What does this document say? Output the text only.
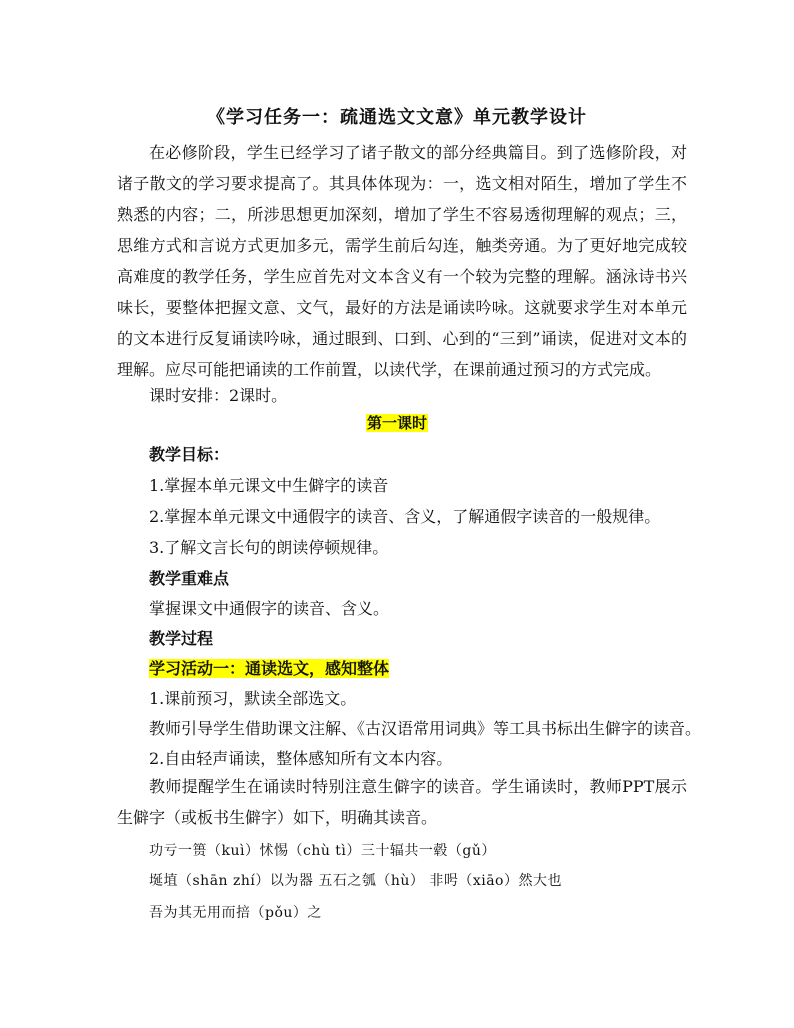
《学习任务一：疏通选文文意》单元教学设计
在必修阶段，学生已经学习了诸子散文的部分经典篇目。到了选修阶段，对诸子散文的学习要求提高了。其具体体现为：一，选文相对陌生，增加了学生不熟悉的内容；二，所涉思想更加深刻，增加了学生不容易透彻理解的观点；三，思维方式和言说方式更加多元，需学生前后勾连，触类旁通。为了更好地完成较高难度的教学任务，学生应首先对文本含义有一个较为完整的理解。涵泳诗书兴味长，要整体把握文意、文气，最好的方法是诵读吟咏。这就要求学生对本单元的文本进行反复诵读吟咏，通过眼到、口到、心到的“三到”诵读，促进对文本的理解。应尽可能把诵读的工作前置，以读代学，在课前通过预习的方式完成。
课时安排：2课时。
第一课时
教学目标：
1.掌握本单元课文中生僻字的读音
2.掌握本单元课文中通假字的读音、含义，了解通假字读音的一般规律。
3.了解文言长句的朗读停顿规律。
教学重难点
掌握课文中通假字的读音、含义。
教学过程
学习活动一：通读选文，感知整体
1.课前预习，默读全部选文。
教师引导学生借助课文注解、《古汉语常用词典》等工具书标出生僻字的读音。
2.自由轻声诵读，整体感知所有文本内容。
教师提醒学生在诵读时特别注意生僻字的读音。学生诵读时，教师PPT展示生僻字（或板书生僻字）如下，明确其读音。
功亏一篑（kuì）怵惕（chù tì）三十辐共一毂（gǔ）
埏埴（shān zhí）以为器 五石之瓠（hù） 非呺（xiāo）然大也
吾为其无用而掊（pǒu）之
